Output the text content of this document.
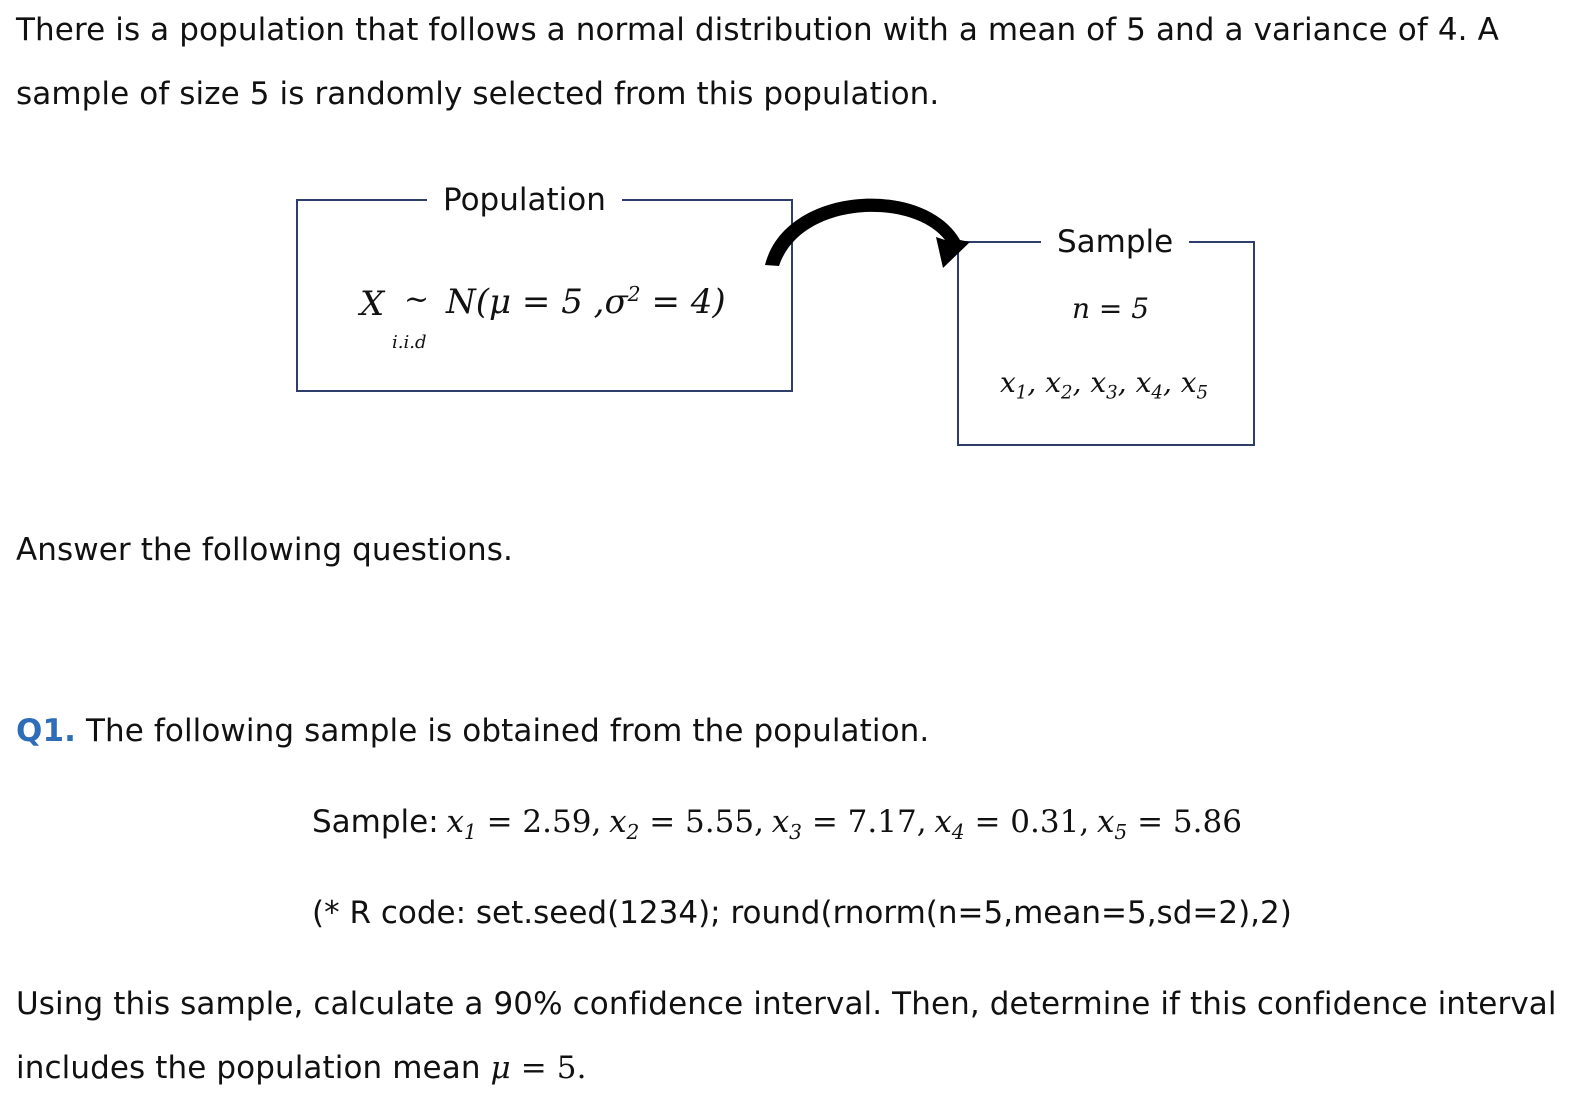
There is a population that follows a normal distribution with a mean of 5 and a variance of 4. A
sample of size 5 is randomly selected from this population.
Population
X ~
i.i.d
N(μ = 5 $,\sigma^2 = 4$)
Sample
n = 5
$x_1$, $x_2$, $x_3$, $x_4$, $x_5$
Answer the following questions.
Q1. The following sample is obtained from the population.
Sample: $x_1 = 2.59$, $x_2 = 5.55$, $x_3 = 7.17$, $x_4 = 0.31$, $x_5 = 5.86$
(* R code: set.seed(1234); round(rnorm(n=5,mean=5,sd=2),2)
Using this sample, calculate a 90% confidence interval. Then, determine if this confidence interval
includes the population mean μ = 5.
